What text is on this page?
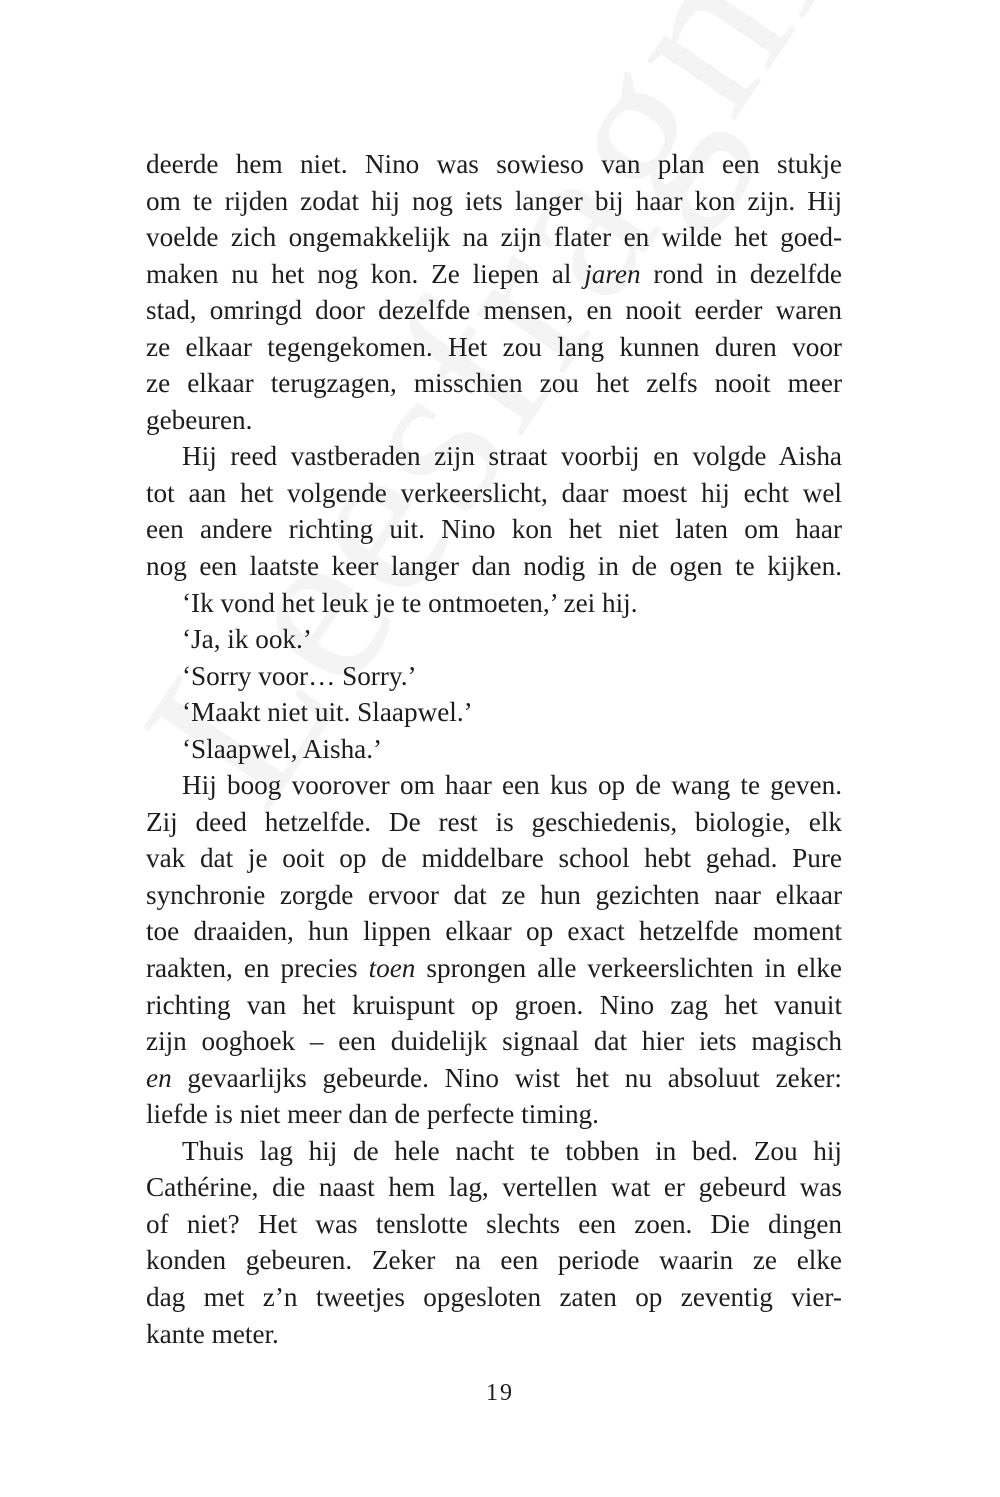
deerde hem niet. Nino was sowieso van plan een stukje
om te rijden zodat hij nog iets langer bij haar kon zijn. Hij
voelde zich ongemakkelijk na zijn flater en wilde het goed-
maken nu het nog kon. Ze liepen al jaren rond in dezelfde
stad, omringd door dezelfde mensen, en nooit eerder waren
ze elkaar tegengekomen. Het zou lang kunnen duren voor
ze elkaar terugzagen, misschien zou het zelfs nooit meer
gebeuren.
Hij reed vastberaden zijn straat voorbij en volgde Aisha
tot aan het volgende verkeerslicht, daar moest hij echt wel
een andere richting uit. Nino kon het niet laten om haar
nog een laatste keer langer dan nodig in de ogen te kijken.
‘Ik vond het leuk je te ontmoeten,’ zei hij.
‘Ja, ik ook.’
‘Sorry voor… Sorry.’
‘Maakt niet uit. Slaapwel.’
‘Slaapwel, Aisha.’
Hij boog voorover om haar een kus op de wang te geven.
Zij deed hetzelfde. De rest is geschiedenis, biologie, elk
vak dat je ooit op de middelbare school hebt gehad. Pure
synchronie zorgde ervoor dat ze hun gezichten naar elkaar
toe draaiden, hun lippen elkaar op exact hetzelfde moment
raakten, en precies toen sprongen alle verkeerslichten in elke
richting van het kruispunt op groen. Nino zag het vanuit
zijn ooghoek – een duidelijk signaal dat hier iets magisch
en gevaarlijks gebeurde. Nino wist het nu absoluut zeker:
liefde is niet meer dan de perfecte timing.
Thuis lag hij de hele nacht te tobben in bed. Zou hij
Cathérine, die naast hem lag, vertellen wat er gebeurd was
of niet? Het was tenslotte slechts een zoen. Die dingen
konden gebeuren. Zeker na een periode waarin ze elke
dag met z’n tweetjes opgesloten zaten op zeventig vier-
kante meter.
19
